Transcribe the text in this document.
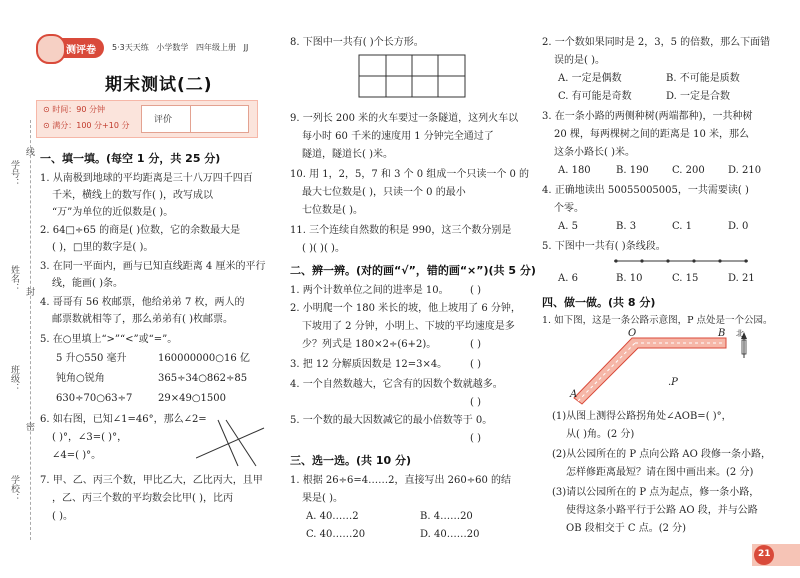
学号：
线
姓名：
封
班级：
密
学校：
测评卷 5·3天天练 小学数学 四年级上册 JJ
期末测试(二)
⊙ 时间：90 分钟
⊙ 满分：100 分+10 分
评价
一、填一填。(每空 1 分，共 25 分)
1. 从南极到地球的平均距离是三十八万四千四百
千米，横线上的数写作( )，改写成以
“万”为单位的近似数是( )。
2. 64□÷65 的商是( )位数，它的余数最大是
( )，□里的数字是( )。
3. 在同一平面内，画与已知直线距离 4 厘米的平行
线，能画( )条。
4. 哥哥有 56 枚邮票，他给弟弟 7 枚，两人的
邮票数就相等了，那么弟弟有( )枚邮票。
5. 在○里填上“>”“<”或“=”。
5 升○550 毫升	160000000○16 亿
钝角○锐角	365÷34○862÷85
630÷70○63÷7	29×49○1500
6. 如右图，已知∠1=46°，那么∠2=
( )°，∠3=( )°，
∠4=( )°。
7. 甲、乙、丙三个数，甲比乙大，乙比丙大，且甲
，乙、丙三个数的平均数会比甲( )，比丙
( )。
8. 下图中一共有( )个长方形。
9. 一列长 200 米的火车要过一条隧道，这列火车以
每小时 60 千米的速度用 1 分钟完全通过了
隧道，隧道长( )米。
10. 用 1，2，5，7 和 3 个 0 组成一个只读一个 0 的
最大七位数是( )，只读一个 0 的最小
七位数是( )。
11. 三个连续自然数的积是 990，这三个数分别是
( )( )( )。
二、辨一辨。(对的画“√”，错的画“×”)(共 5 分)
1. 两个计数单位之间的进率是 10。 ( )
2. 小明爬一个 180 米长的坡，他上坡用了 6 分钟，
下坡用了 2 分钟，小明上、下坡的平均速度是多
少？列式是 180×2÷(6+2)。	( )
3. 把 12 分解质因数是 12=3×4。 ( )
4. 一个自然数越大，它含有的因数个数就越多。
( )
5. 一个数的最大因数减它的最小倍数等于 0。
( )
三、选一选。(共 10 分)
1. 根据 26÷6=4……2，直接写出 260÷60 的结
果是( )。
A. 40……2	B. 4……20
C. 40……20	D. 40……20
2. 一个数如果同时是 2，3，5 的倍数，那么下面错
误的是( )。
A. 一定是偶数	B. 不可能是质数
C. 有可能是奇数	D. 一定是合数
3. 在一条小路的两侧种树(两端都种)，一共种树
20 棵，每两棵树之间的距离是 10 米，那么
这条小路长( )米。
A. 180	B. 190 C. 200 D. 210
4. 正确地读出 50055005005，一共需要读( )
个零。
A. 5	B. 3	C. 1	D. 0
5. 下图中一共有( )条线段。
A. 6	B. 10	C. 15	D. 21
四、做一做。(共 8 分)
1. 如下图，这是一条公路示意图，P 点处是一个公园。
O	B 北
.P
A
(1)从图上测得公路拐角处∠AOB=( )°，
从( )角。(2 分)
(2)从公园所在的 P 点向公路 AO 段修一条小路，
怎样修距离最短？请在图中画出来。(2 分)
(3)请以公园所在的 P 点为起点，修一条小路，
使得这条小路平行于公路 AO 段，并与公路
OB 段相交于 C 点。(2 分)
21
